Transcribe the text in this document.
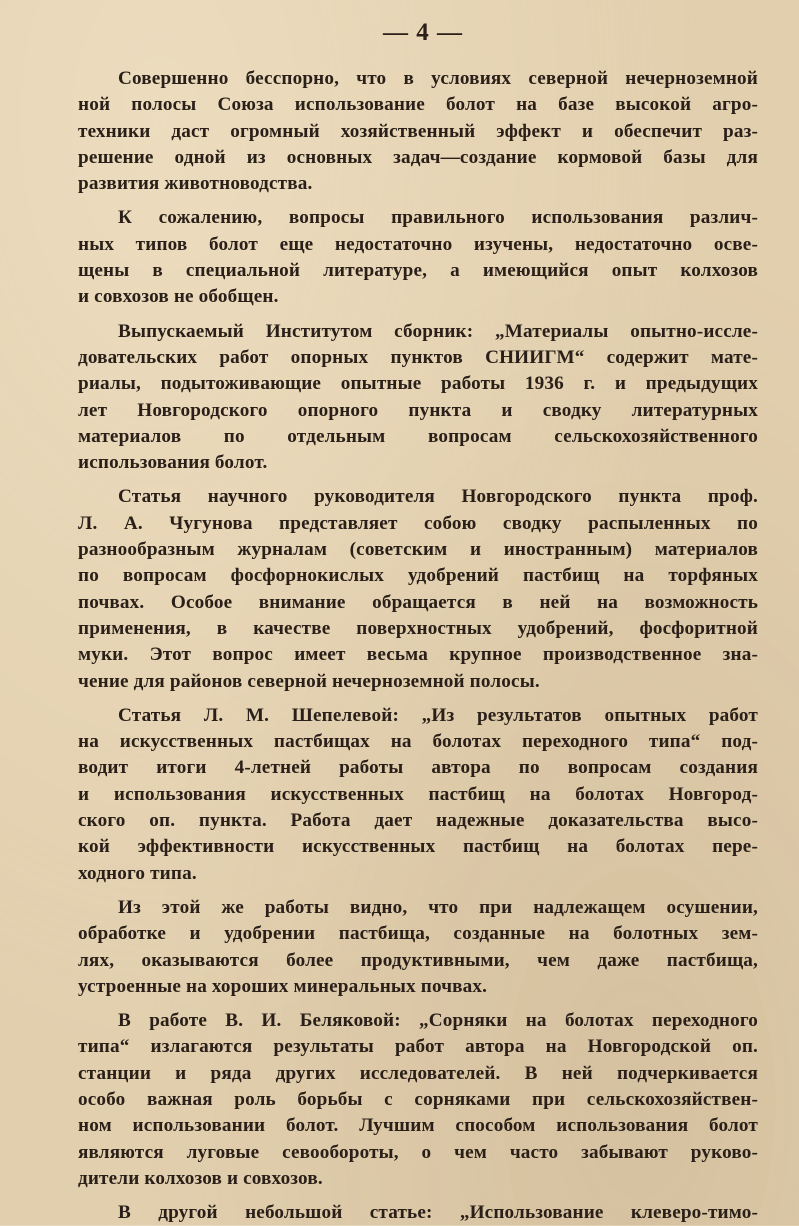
— 4 —
Совершенно бесспорно, что в условиях северной нечерноземной
ной полосы Союза использование болот на базе высокой агро-
техники даст огромный хозяйственный эффект и обеспечит раз-
решение одной из основных задач—создание кормовой базы для
развития животноводства.
К сожалению, вопросы правильного использования различ-
ных типов болот еще недостаточно изучены, недостаточно осве-
щены в специальной литературе, а имеющийся опыт колхозов
и совхозов не обобщен.
Выпускаемый Институтом сборник: „Материалы опытно-иссле-
довательских работ опорных пунктов СНИИГМ“ содержит мате-
риалы, подытоживающие опытные работы 1936 г. и предыдущих
лет Новгородского опорного пункта и сводку литературных
материалов по отдельным вопросам сельскохозяйственного
использования болот.
Статья научного руководителя Новгородского пункта проф.
Л. А. Чугунова представляет собою сводку распыленных по
разнообразным журналам (советским и иностранным) материалов
по вопросам фосфорнокислых удобрений пастбищ на торфяных
почвах. Особое внимание обращается в ней на возможность
применения, в качестве поверхностных удобрений, фосфоритной
муки. Этот вопрос имеет весьма крупное производственное зна-
чение для районов северной нечерноземной полосы.
Статья Л. М. Шепелевой: „Из результатов опытных работ
на искусственных пастбищах на болотах переходного типа“ под-
водит итоги 4-летней работы автора по вопросам создания
и использования искусственных пастбищ на болотах Новгород-
ского оп. пункта. Работа дает надежные доказательства высо-
кой эффективности искусственных пастбищ на болотах пере-
ходного типа.
Из этой же работы видно, что при надлежащем осушении,
обработке и удобрении пастбища, созданные на болотных зем-
лях, оказываются более продуктивными, чем даже пастбища,
устроенные на хороших минеральных почвах.
В работе В. И. Беляковой: „Сорняки на болотах переходного
типа“ излагаются результаты работ автора на Новгородской оп.
станции и ряда других исследователей. В ней подчеркивается
особо важная роль борьбы с сорняками при сельскохозяйствен-
ном использовании болот. Лучшим способом использования болот
являются луговые севообороты, о чем часто забывают руково-
дители колхозов и совхозов.
В другой небольшой статье: „Использование клеверо-тимо-
